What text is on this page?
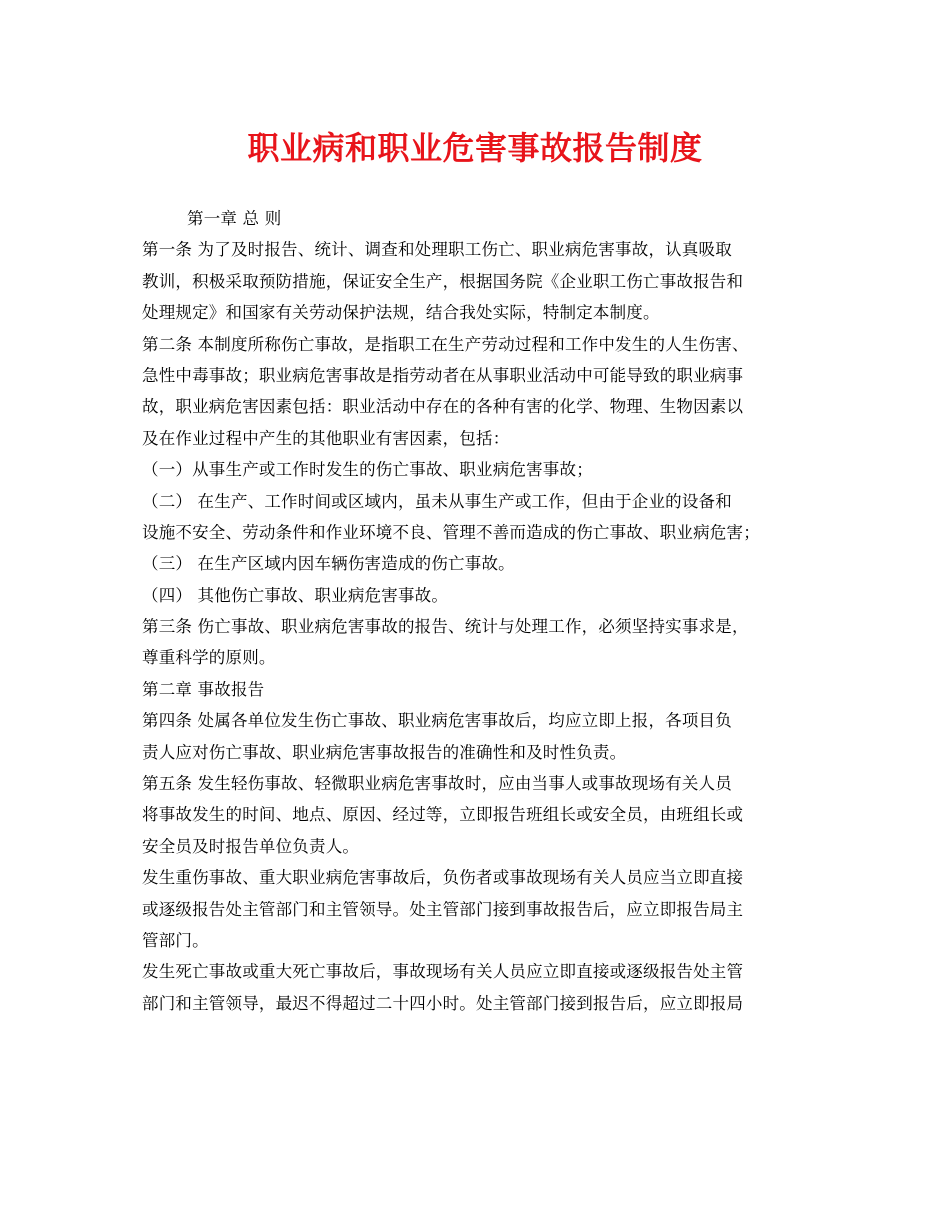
职业病和职业危害事故报告制度
第一章 总 则
第一条 为了及时报告、统计、调查和处理职工伤亡、职业病危害事故，认真吸取
教训，积极采取预防措施，保证安全生产，根据国务院《企业职工伤亡事故报告和
处理规定》和国家有关劳动保护法规，结合我处实际，特制定本制度。
第二条 本制度所称伤亡事故，是指职工在生产劳动过程和工作中发生的人生伤害、
急性中毒事故；职业病危害事故是指劳动者在从事职业活动中可能导致的职业病事
故，职业病危害因素包括：职业活动中存在的各种有害的化学、物理、生物因素以
及在作业过程中产生的其他职业有害因素，包括：
（一）从事生产或工作时发生的伤亡事故、职业病危害事故；
（二） 在生产、工作时间或区域内，虽未从事生产或工作，但由于企业的设备和
设施不安全、劳动条件和作业环境不良、管理不善而造成的伤亡事故、职业病危害；
（三） 在生产区域内因车辆伤害造成的伤亡事故。
（四） 其他伤亡事故、职业病危害事故。
第三条 伤亡事故、职业病危害事故的报告、统计与处理工作，必须坚持实事求是，
尊重科学的原则。
第二章 事故报告
第四条 处属各单位发生伤亡事故、职业病危害事故后，均应立即上报，各项目负
责人应对伤亡事故、职业病危害事故报告的准确性和及时性负责。
第五条 发生轻伤事故、轻微职业病危害事故时，应由当事人或事故现场有关人员
将事故发生的时间、地点、原因、经过等，立即报告班组长或安全员，由班组长或
安全员及时报告单位负责人。
发生重伤事故、重大职业病危害事故后，负伤者或事故现场有关人员应当立即直接
或逐级报告处主管部门和主管领导。处主管部门接到事故报告后，应立即报告局主
管部门。
发生死亡事故或重大死亡事故后，事故现场有关人员应立即直接或逐级报告处主管
部门和主管领导，最迟不得超过二十四小时。处主管部门接到报告后，应立即报局
